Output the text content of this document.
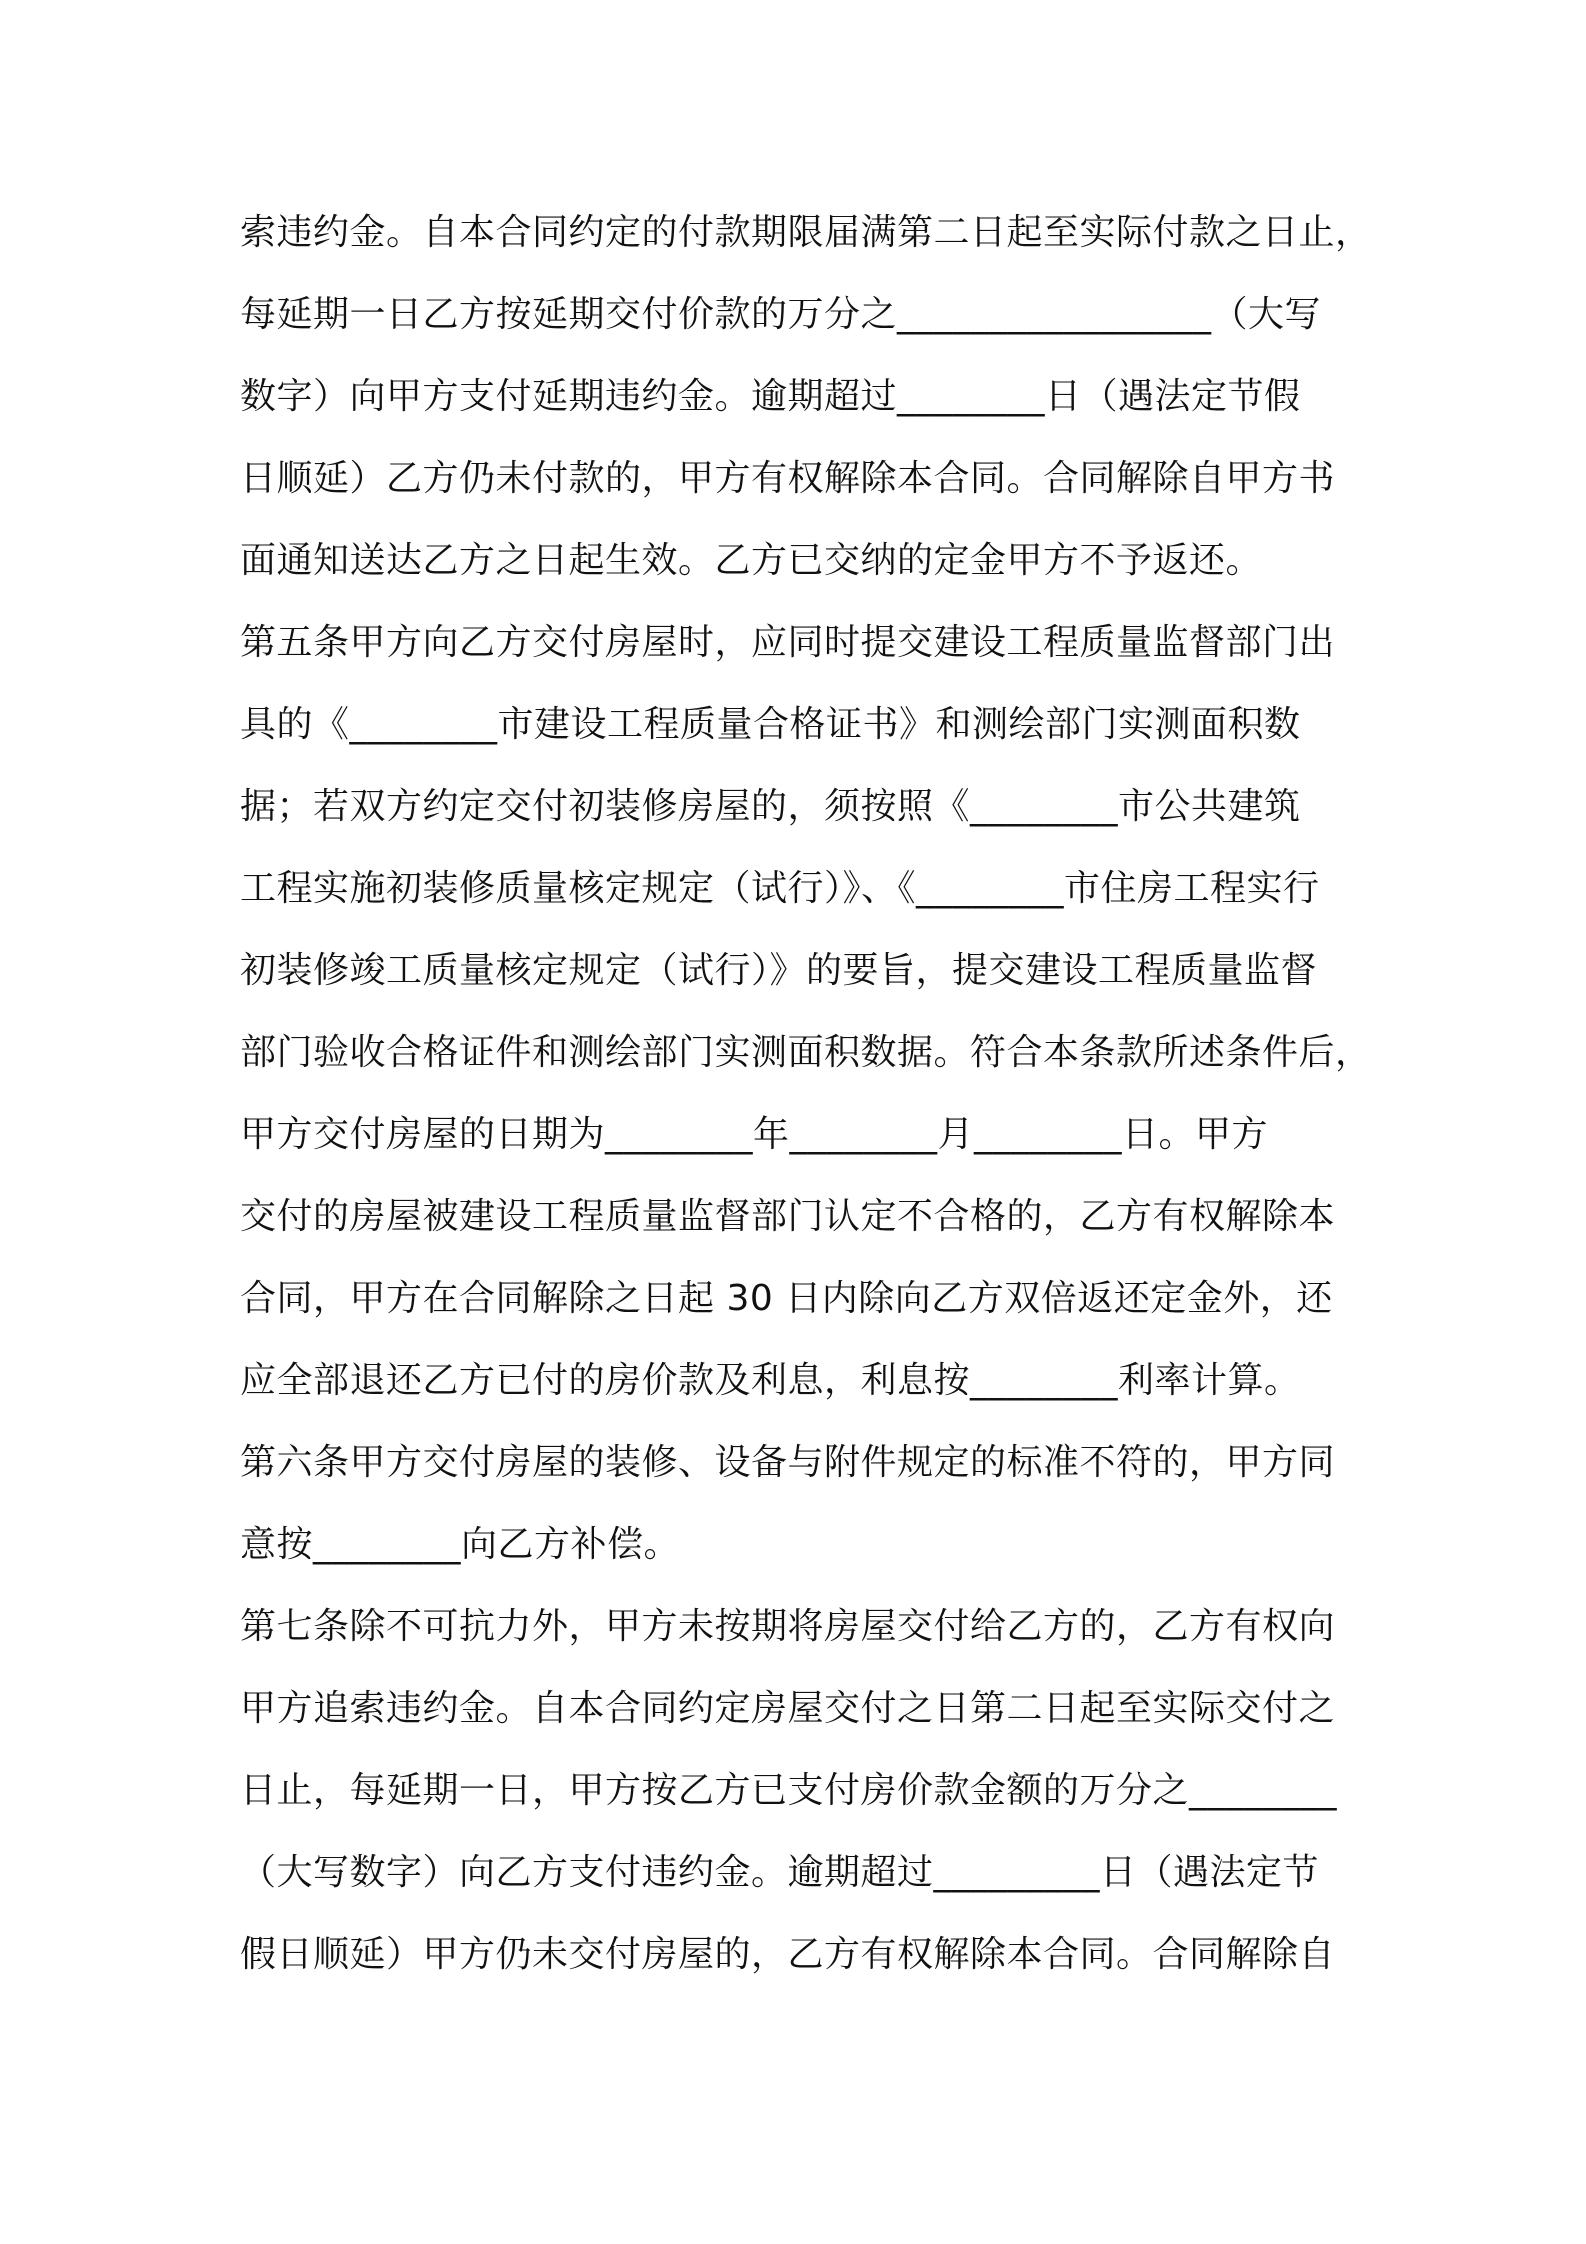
索违约金。自本合同约定的付款期限届满第二日起至实际付款之日止，
每延期一日乙方按延期交付价款的万分之_________________（大写
数字）向甲方支付延期违约金。逾期超过________日（遇法定节假
日顺延）乙方仍未付款的，甲方有权解除本合同。合同解除自甲方书
面通知送达乙方之日起生效。乙方已交纳的定金甲方不予返还。
第五条甲方向乙方交付房屋时，应同时提交建设工程质量监督部门出
具的《________市建设工程质量合格证书》和测绘部门实测面积数
据；若双方约定交付初装修房屋的，须按照《________市公共建筑
工程实施初装修质量核定规定（试行）》、《________市住房工程实行
初装修竣工质量核定规定（试行）》的要旨，提交建设工程质量监督
部门验收合格证件和测绘部门实测面积数据。符合本条款所述条件后，
甲方交付房屋的日期为________年________月________日。甲方
交付的房屋被建设工程质量监督部门认定不合格的，乙方有权解除本
合同，甲方在合同解除之日起 30 日内除向乙方双倍返还定金外，还
应全部退还乙方已付的房价款及利息，利息按________利率计算。
第六条甲方交付房屋的装修、设备与附件规定的标准不符的，甲方同
意按________向乙方补偿。
第七条除不可抗力外，甲方未按期将房屋交付给乙方的，乙方有权向
甲方追索违约金。自本合同约定房屋交付之日第二日起至实际交付之
日止，每延期一日，甲方按乙方已支付房价款金额的万分之________
（大写数字）向乙方支付违约金。逾期超过_________日（遇法定节
假日顺延）甲方仍未交付房屋的，乙方有权解除本合同。合同解除自
